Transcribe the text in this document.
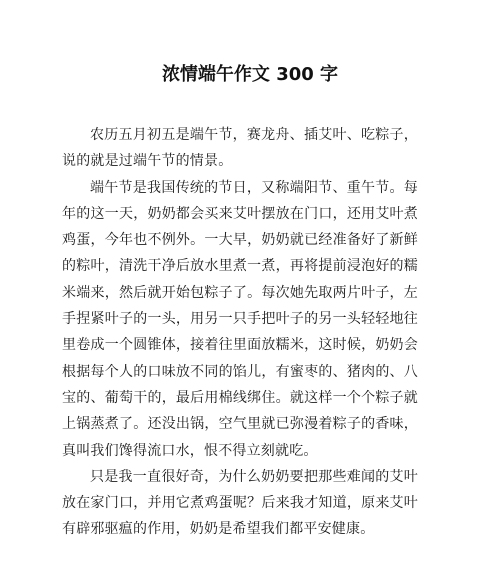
浓情端午作文 300 字

农历五月初五是端午节，赛龙舟、插艾叶、吃粽子，说的就是过端午节的情景。

端午节是我国传统的节日，又称端阳节、重午节。每年的这一天，奶奶都会买来艾叶摆放在门口，还用艾叶煮鸡蛋，今年也不例外。一大早，奶奶就已经准备好了新鲜的粽叶，清洗干净后放水里煮一煮，再将提前浸泡好的糯米端来，然后就开始包粽子了。每次她先取两片叶子，左手捏紧叶子的一头，用另一只手把叶子的另一头轻轻地往里卷成一个圆锥体，接着往里面放糯米，这时候，奶奶会根据每个人的口味放不同的馅儿，有蜜枣的、猪肉的、八宝的、葡萄干的，最后用棉线绑住。就这样一个个粽子就上锅蒸煮了。还没出锅，空气里就已弥漫着粽子的香味，真叫我们馋得流口水，恨不得立刻就吃。

只是我一直很好奇，为什么奶奶要把那些难闻的艾叶放在家门口，并用它煮鸡蛋呢？后来我才知道，原来艾叶有辟邪驱瘟的作用，奶奶是希望我们都平安健康。
